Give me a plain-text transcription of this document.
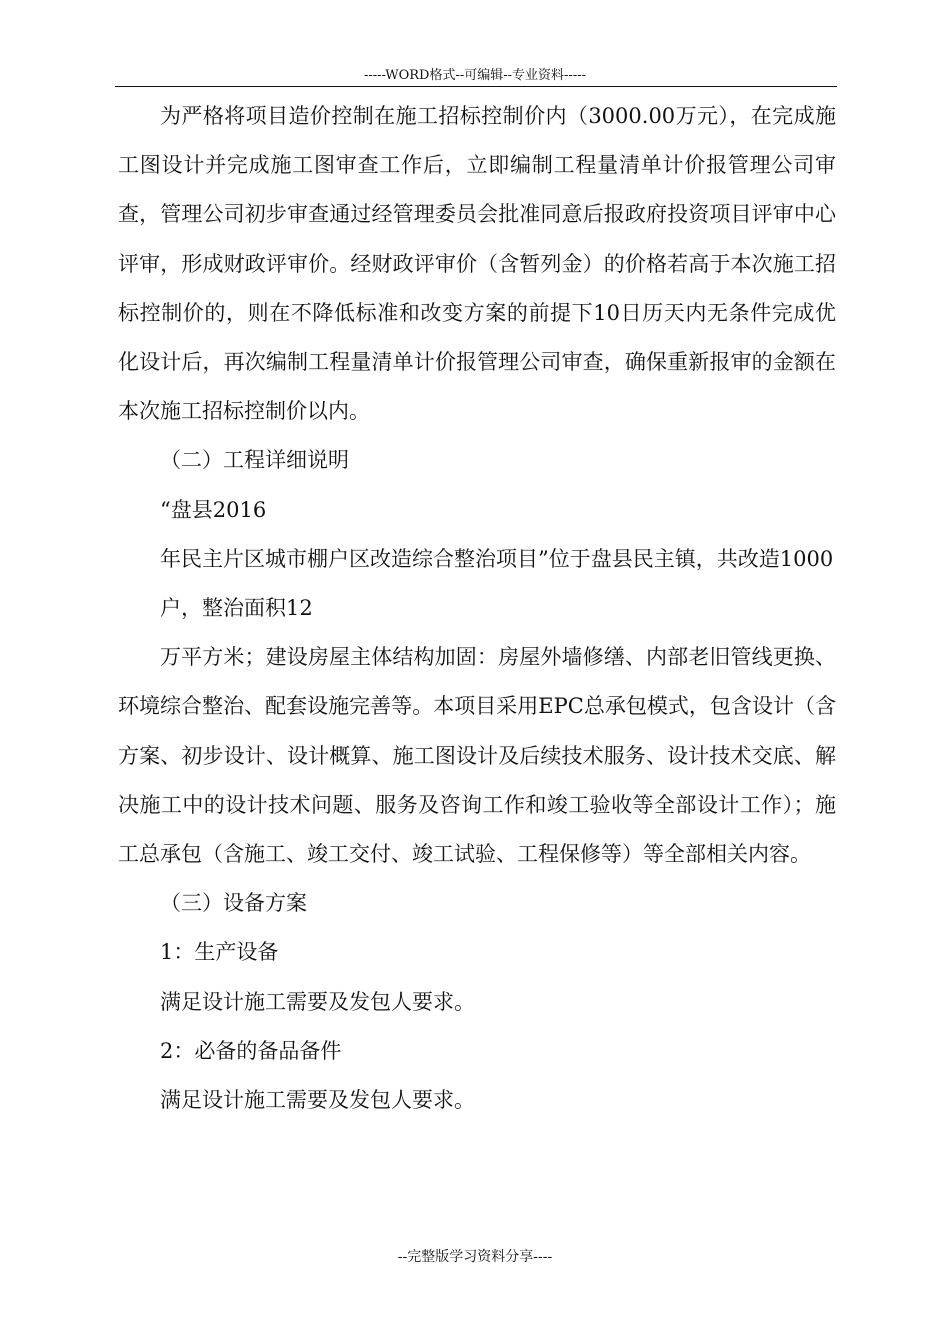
-----WORD格式--可编辑--专业资料-----

为严格将项目造价控制在施工招标控制价内（3000.00万元），在完成施工图设计并完成施工图审查工作后，立即编制工程量清单计价报管理公司审查，管理公司初步审查通过经管理委员会批准同意后报政府投资项目评审中心评审，形成财政评审价。经财政评审价（含暂列金）的价格若高于本次施工招标控制价的，则在不降低标准和改变方案的前提下10日历天内无条件完成优化设计后，再次编制工程量清单计价报管理公司审查，确保重新报审的金额在本次施工招标控制价以内。

（二）工程详细说明

“盘县2016

年民主片区城市棚户区改造综合整治项目”位于盘县民主镇，共改造1000

户，整治面积12

万平方米；建设房屋主体结构加固：房屋外墙修缮、内部老旧管线更换、环境综合整治、配套设施完善等。本项目采用EPC总承包模式，包含设计（含方案、初步设计、设计概算、施工图设计及后续技术服务、设计技术交底、解决施工中的设计技术问题、服务及咨询工作和竣工验收等全部设计工作）；施工总承包（含施工、竣工交付、竣工试验、工程保修等）等全部相关内容。

（三）设备方案

1：生产设备

满足设计施工需要及发包人要求。

2：必备的备品备件

满足设计施工需要及发包人要求。

--完整版学习资料分享----
